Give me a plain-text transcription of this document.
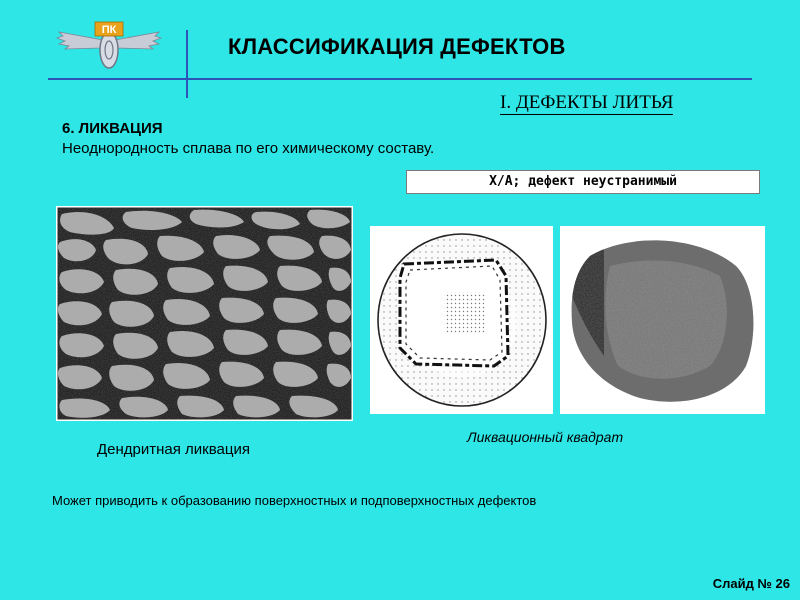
ПК
КЛАССИФИКАЦИЯ ДЕФЕКТОВ
I. ДЕФЕКТЫ ЛИТЬЯ
6. ЛИКВАЦИЯ
Неоднородность сплава по его химическому составу.
Х/А; дефект неустранимый
Дендритная ликвация
Ликвационный квадрат
Может приводить к образованию поверхностных и подповерхностных дефектов
Слайд № 26
